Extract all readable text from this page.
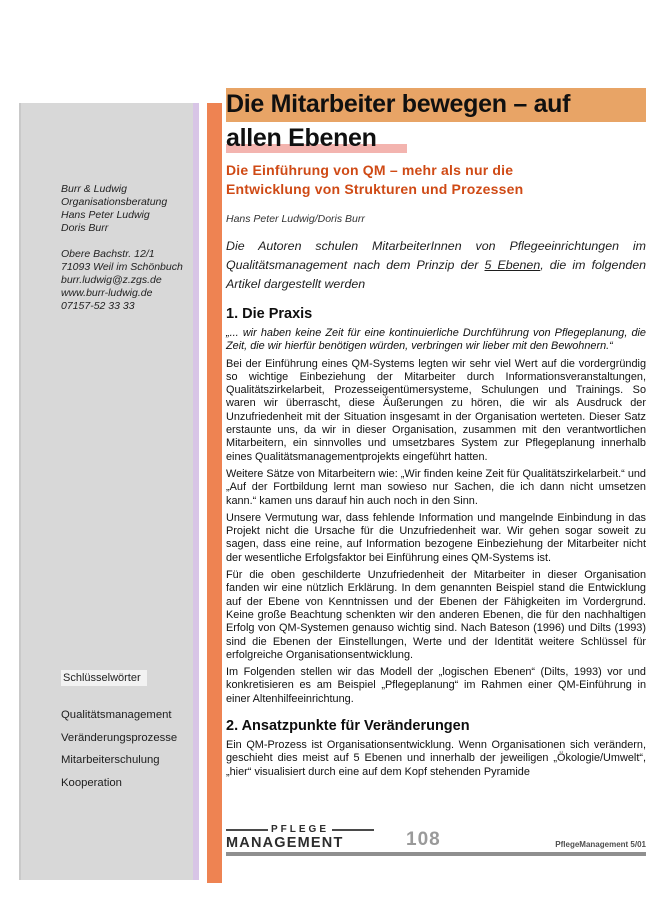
Burr & Ludwig
Organisationsberatung
Hans Peter Ludwig
Doris Burr
Obere Bachstr. 12/1
71093 Weil im Schönbuch
burr.ludwig@z.zgs.de
www.burr-ludwig.de
07157-52 33 33
Schlüsselwörter
Qualitätsmanagement
Veränderungsprozesse
Mitarbeiterschulung
Kooperation
Die Mitarbeiter bewegen – auf
allen Ebenen
Die Einführung von QM – mehr als nur die Entwicklung von Strukturen und Prozessen
Hans Peter Ludwig/Doris Burr
Die Autoren schulen MitarbeiterInnen von Pflegeeinrichtungen im Qualitätsmanagement nach dem Prinzip der 5 Ebenen, die im folgenden Artikel dargestellt werden
1. Die Praxis

„... wir haben keine Zeit für eine kontinuierliche Durchführung von Pflegeplanung, die Zeit, die wir hierfür benötigen würden, verbringen wir lieber mit den Bewohnern.“

Bei der Einführung eines QM-Systems legten wir sehr viel Wert auf die vordergründig so wichtige Einbeziehung der Mitarbeiter durch Informationsveranstaltungen, Qualitätszirkelarbeit, Prozesseigentümersysteme, Schulungen und Trainings. So waren wir überrascht, diese Äußerungen zu hören, die wir als Ausdruck der Unzufriedenheit mit der Situation insgesamt in der Organisation werteten. Dieser Satz erstaunte uns, da wir in dieser Organisation, zusammen mit den verantwortlichen Mitarbeitern, ein sinnvolles und umsetzbares System zur Pflegeplanung innerhalb eines Qualitätsmanagementprojekts eingeführt hatten.

Weitere Sätze von Mitarbeitern wie: „Wir finden keine Zeit für Qualitätszirkelarbeit.“ und „Auf der Fortbildung lernt man sowieso nur Sachen, die ich dann nicht umsetzen kann.“ kamen uns darauf hin auch noch in den Sinn.

Unsere Vermutung war, dass fehlende Information und mangelnde Einbindung in das Projekt nicht die Ursache für die Unzufriedenheit war. Wir gehen sogar soweit zu sagen, dass eine reine, auf Information bezogene Einbeziehung der Mitarbeiter nicht der wesentliche Erfolgsfaktor bei Einführung eines QM-Systems ist.

Für die oben geschilderte Unzufriedenheit der Mitarbeiter in dieser Organisation fanden wir eine nützlich Erklärung. In dem genannten Beispiel stand die Entwicklung auf der Ebene von Kenntnissen und der Ebenen der Fähigkeiten im Vordergrund. Keine große Beachtung schenkten wir den anderen Ebenen, die für den nachhaltigen Erfolg von QM-Systemen genauso wichtig sind. Nach Bateson (1996) und Dilts (1993) sind die Ebenen der Einstellungen, Werte und der Identität weitere Schlüssel für erfolgreiche Organisationsentwicklung.

Im Folgenden stellen wir das Modell der „logischen Ebenen“ (Dilts, 1993) vor und konkretisieren es am Beispiel „Pflegeplanung“ im Rahmen einer QM-Einführung in einer Altenhilfeeinrichtung.

2. Ansatzpunkte für Veränderungen

Ein QM-Prozess ist Organisationsentwicklung. Wenn Organisationen sich verändern, geschieht dies meist auf 5 Ebenen und innerhalb der jeweiligen „Ökologie/Umwelt“, „hier“ visualisiert durch eine auf dem Kopf stehenden Pyramide

PFLEGE
MANAGEMENT	108	PflegeManagement 5/01
